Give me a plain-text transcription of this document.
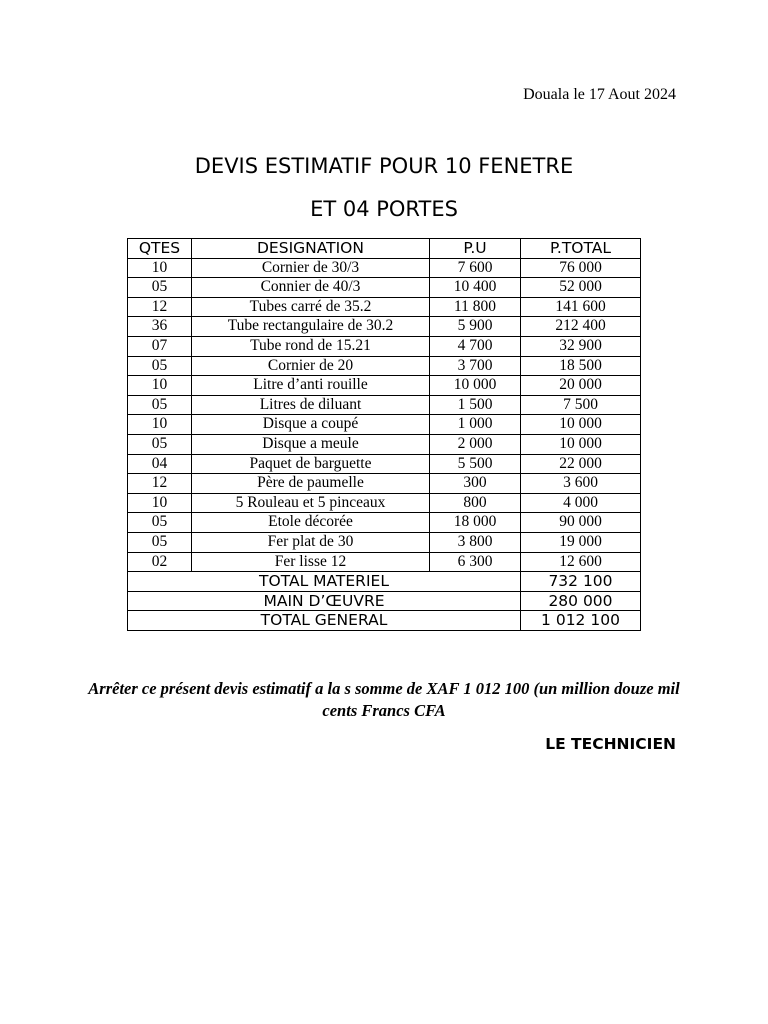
Douala le 17 Aout 2024
DEVIS ESTIMATIF POUR 10 FENETRE
ET 04 PORTES
QTES	DESIGNATION	P.U	P.TOTAL
10	Cornier de 30/3	7 600	76 000
05	Connier de 40/3	10 400	52 000
12	Tubes carré de 35.2	11 800	141 600
36	Tube rectangulaire de 30.2	5 900	212 400
07	Tube rond de 15.21	4 700	32 900
05	Cornier de 20	3 700	18 500
10	Litre d’anti rouille	10 000	20 000
05	Litres de diluant	1 500	7 500
10	Disque a coupé	1 000	10 000
05	Disque a meule	2 000	10 000
04	Paquet de barguette	5 500	22 000
12	Père de paumelle	300	3 600
10	5 Rouleau et 5 pinceaux	800	4 000
05	Etole décorée	18 000	90 000
05	Fer plat de 30	3 800	19 000
02	Fer lisse 12	6 300	12 600
TOTAL MATERIEL			732 100
MAIN D’ŒUVRE			280 000
TOTAL GENERAL			1 012 100
Arrêter ce présent devis estimatif a la s somme de XAF 1 012 100 (un million douze mil cents Francs CFA
LE TECHNICIEN
